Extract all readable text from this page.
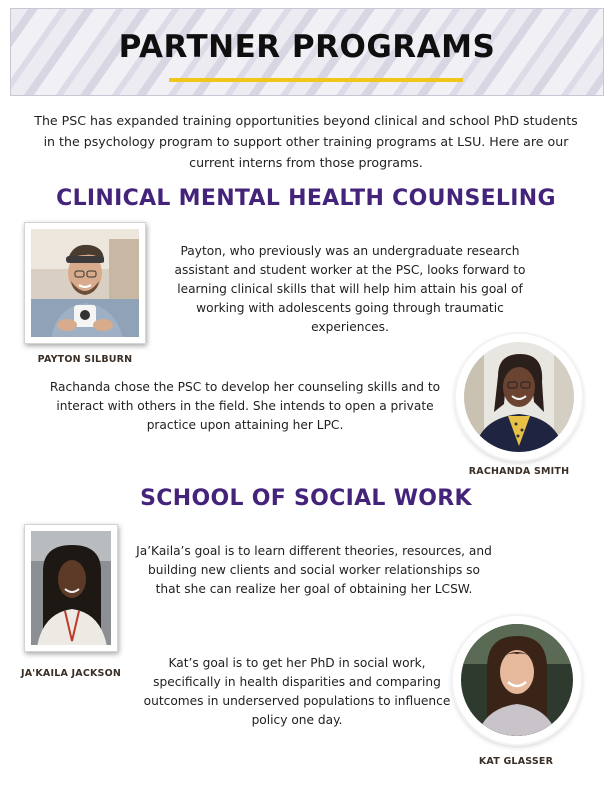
PARTNER PROGRAMS
The PSC has expanded training opportunities beyond clinical and school PhD students in the psychology program to support other training programs at LSU. Here are our current interns from those programs.
CLINICAL MENTAL HEALTH COUNSELING
PAYTON SILBURN
Payton, who previously was an undergraduate research assistant and student worker at the PSC, looks forward to learning clinical skills that will help him attain his goal of working with adolescents going through traumatic experiences.
RACHANDA SMITH
Rachanda chose the PSC to develop her counseling skills and to interact with others in the field. She intends to open a private practice upon attaining her LPC.
SCHOOL OF SOCIAL WORK
JA'KAILA JACKSON
Ja’Kaila’s goal is to learn different theories, resources, and building new clients and social worker relationships so that she can realize her goal of obtaining her LCSW.
KAT GLASSER
Kat’s goal is to get her PhD in social work, specifically in health disparities and comparing outcomes in underserved populations to influence policy one day.
